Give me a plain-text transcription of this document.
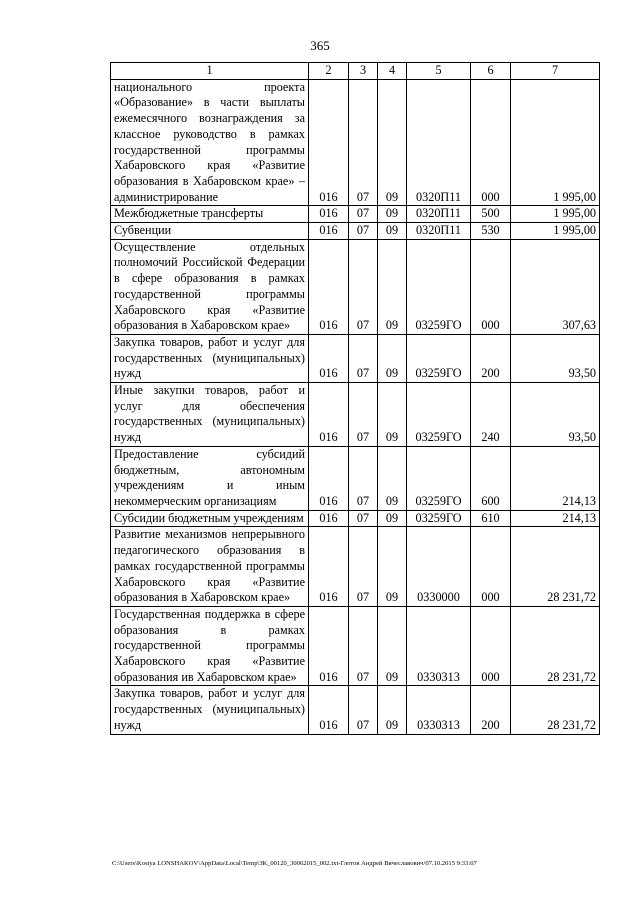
365
1	2	3	4	5	6	7
национального проекта «Образование» в части выплаты ежемесячного вознаграждения за классное руководство в рамках государственной программы Хабаровского края «Развитие образования в Хабаровском крае» – администрирование	016	07	09	0320П11	000	1 995,00
Межбюджетные трансферты	016	07	09	0320П11	500	1 995,00
Субвенции	016	07	09	0320П11	530	1 995,00
Осуществление отдельных полномочий Российской Федерации в сфере образования в рамках государственной программы Хабаровского края «Развитие образования в Хабаровском крае»	016	07	09	03259ГО	000	307,63
Закупка товаров, работ и услуг для государственных (муниципальных) нужд	016	07	09	03259ГО	200	93,50
Иные закупки товаров, работ и услуг для обеспечения государственных (муниципальных) нужд	016	07	09	03259ГО	240	93,50
Предоставление субсидий бюджетным, автономным учреждениям и иным некоммерческим организациям	016	07	09	03259ГО	600	214,13
Субсидии бюджетным учреждениям	016	07	09	03259ГО	610	214,13
Развитие механизмов непрерывного педагогического образования в рамках государственной программы Хабаровского края «Развитие образования в Хабаровском крае»	016	07	09	0330000	000	28 231,72
Государственная поддержка в сфере образования в рамках государственной программы Хабаровского края «Развитие образования ив Хабаровском крае»	016	07	09	0330313	000	28 231,72
Закупка товаров, работ и услуг для государственных (муниципальных) нужд	016	07	09	0330313	200	28 231,72
C:\Users\Kostya LONSHAKOV\AppData\Local\Temp\ЗК_00120_30062015_002.txt-Глотов Андрей Вячеславович/07.10.2015 9:33:07
